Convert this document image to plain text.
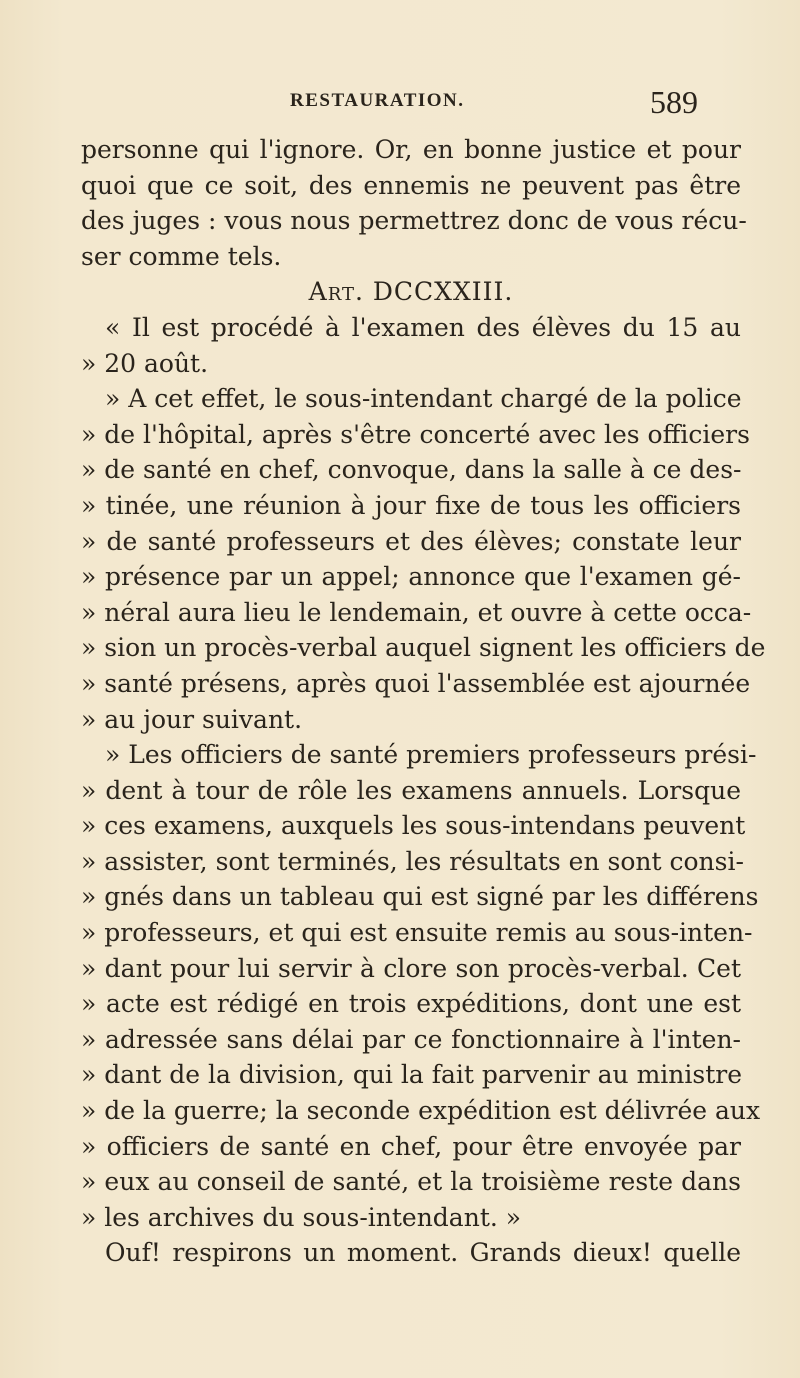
RESTAURATION.	589
personne qui l'ignore. Or, en bonne justice et pour
quoi que ce soit, des ennemis ne peuvent pas être
des juges : vous nous permettrez donc de vous récu-
ser comme tels.
Art. DCCXXIII.
« Il est procédé à l'examen des élèves du 15 au
» 20 août.
» A cet effet, le sous-intendant chargé de la police
» de l'hôpital, après s'être concerté avec les officiers
» de santé en chef, convoque, dans la salle à ce des-
» tinée, une réunion à jour fixe de tous les officiers
» de santé professeurs et des élèves; constate leur
» présence par un appel; annonce que l'examen gé-
» néral aura lieu le lendemain, et ouvre à cette occa-
» sion un procès-verbal auquel signent les officiers de
» santé présens, après quoi l'assemblée est ajournée
» au jour suivant.
» Les officiers de santé premiers professeurs prési-
» dent à tour de rôle les examens annuels. Lorsque
» ces examens, auxquels les sous-intendans peuvent
» assister, sont terminés, les résultats en sont consi-
» gnés dans un tableau qui est signé par les différens
» professeurs, et qui est ensuite remis au sous-inten-
» dant pour lui servir à clore son procès-verbal. Cet
» acte est rédigé en trois expéditions, dont une est
» adressée sans délai par ce fonctionnaire à l'inten-
» dant de la division, qui la fait parvenir au ministre
» de la guerre; la seconde expédition est délivrée aux
» officiers de santé en chef, pour être envoyée par
» eux au conseil de santé, et la troisième reste dans
» les archives du sous-intendant. »
Ouf! respirons un moment. Grands dieux! quelle
